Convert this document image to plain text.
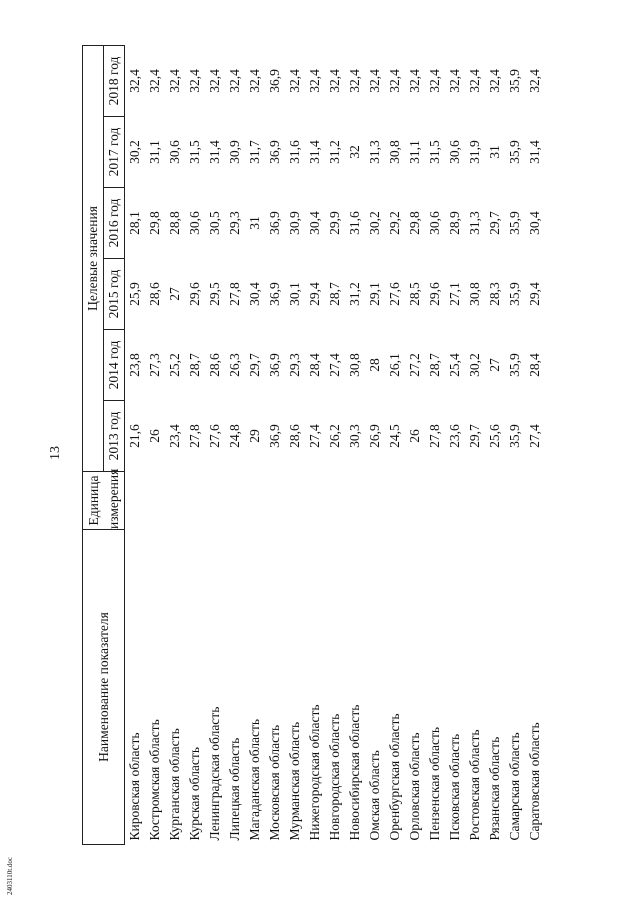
13
Наименование показателя	Единица измерения	Целевые значения					
		2013 год	2014 год	2015 год	2016 год	2017 год	2018 год
Кировская область		21,6	23,8	25,9	28,1	30,2	32,4
Костромская область		26	27,3	28,6	29,8	31,1	32,4
Курганская область		23,4	25,2	27	28,8	30,6	32,4
Курская область		27,8	28,7	29,6	30,6	31,5	32,4
Ленинградская область		27,6	28,6	29,5	30,5	31,4	32,4
Липецкая область		24,8	26,3	27,8	29,3	30,9	32,4
Магаданская область		29	29,7	30,4	31	31,7	32,4
Московская область		36,9	36,9	36,9	36,9	36,9	36,9
Мурманская область		28,6	29,3	30,1	30,9	31,6	32,4
Нижегородская область		27,4	28,4	29,4	30,4	31,4	32,4
Новгородская область		26,2	27,4	28,7	29,9	31,2	32,4
Новосибирская область		30,3	30,8	31,2	31,6	32	32,4
Омская область		26,9	28	29,1	30,2	31,3	32,4
Оренбургская область		24,5	26,1	27,6	29,2	30,8	32,4
Орловская область		26	27,2	28,5	29,8	31,1	32,4
Пензенская область		27,8	28,7	29,6	30,6	31,5	32,4
Псковская область		23,6	25,4	27,1	28,9	30,6	32,4
Ростовская область		29,7	30,2	30,8	31,3	31,9	32,4
Рязанская область		25,6	27	28,3	29,7	31	32,4
Самарская область		35,9	35,9	35,9	35,9	35,9	35,9
Саратовская область		27,4	28,4	29,4	30,4	31,4	32,4
2403110t.doc
